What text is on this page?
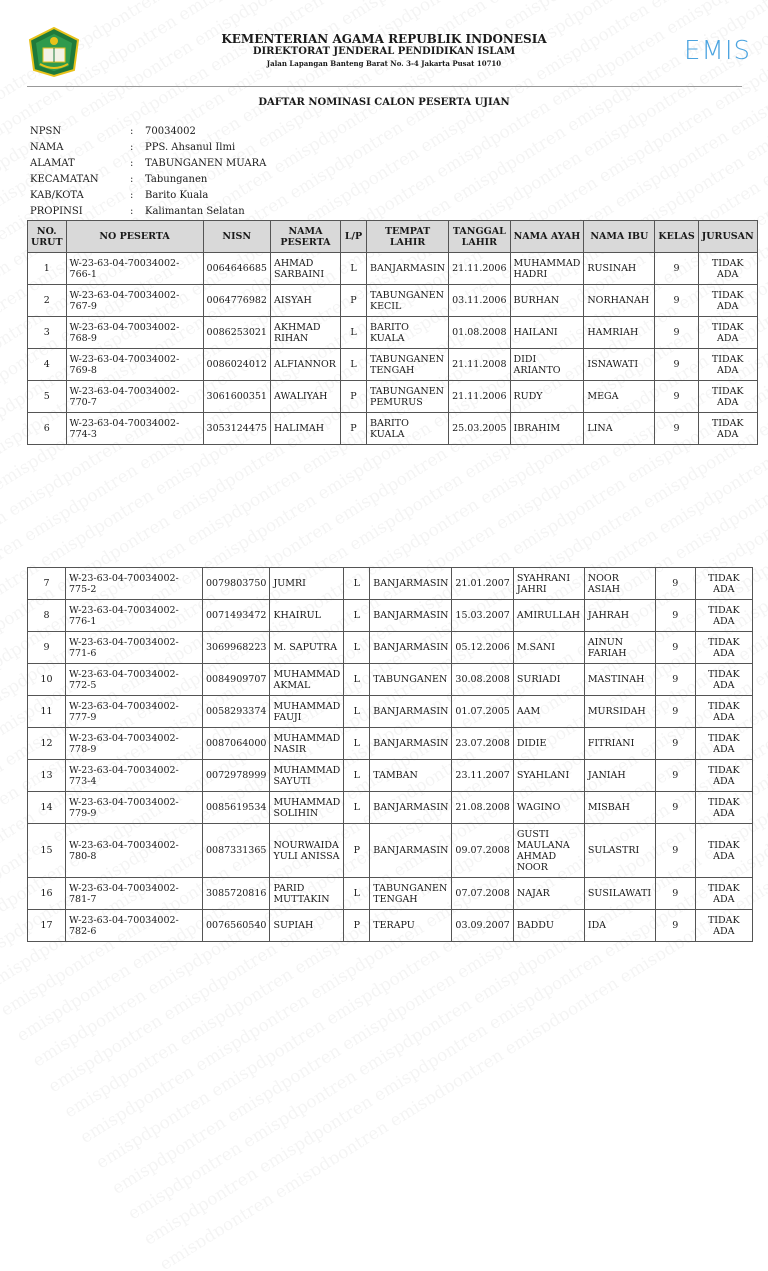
KEMENTERIAN AGAMA REPUBLIK INDONESIA
DIREKTORAT JENDERAL PENDIDIKAN ISLAM
Jalan Lapangan Banteng Barat No. 3-4 Jakarta Pusat 10710	EMIS
DAFTAR NOMINASI CALON PESERTA UJIAN
NPSN	:	70034002
NAMA	:	PPS. Ahsanul Ilmi
ALAMAT	:	TABUNGANEN MUARA
KECAMATAN	:	Tabunganen
KAB/KOTA	:	Barito Kuala
PROPINSI	:	Kalimantan Selatan
NO. URUT	NO PESERTA	NISN	NAMA PESERTA	L/P	TEMPAT LAHIR	TANGGAL LAHIR	NAMA AYAH	NAMA IBU	KELAS	JURUSAN
1	W-23-63-04-70034002-766-1	0064646685	AHMAD SARBAINI	L	BANJARMASIN	21.11.2006	MUHAMMAD HADRI	RUSINAH	9	TIDAK ADA
2	W-23-63-04-70034002-767-9	0064776982	AISYAH	P	TABUNGANEN KECIL	03.11.2006	BURHAN	NORHANAH	9	TIDAK ADA
3	W-23-63-04-70034002-768-9	0086253021	AKHMAD RIHAN	L	BARITO KUALA	01.08.2008	HAILANI	HAMRIAH	9	TIDAK ADA
4	W-23-63-04-70034002-769-8	0086024012	ALFIANNOR	L	TABUNGANEN TENGAH	21.11.2008	DIDI ARIANTO	ISNAWATI	9	TIDAK ADA
5	W-23-63-04-70034002-770-7	3061600351	AWALIYAH	P	TABUNGANEN PEMURUS	21.11.2006	RUDY	MEGA	9	TIDAK ADA
6	W-23-63-04-70034002-774-3	3053124475	HALIMAH	P	BARITO KUALA	25.03.2005	IBRAHIM	LINA	9	TIDAK ADA
7	W-23-63-04-70034002-775-2	0079803750	JUMRI	L	BANJARMASIN	21.01.2007	SYAHRANI JAHRI	NOOR ASIAH	9	TIDAK ADA
8	W-23-63-04-70034002-776-1	0071493472	KHAIRUL	L	BANJARMASIN	15.03.2007	AMIRULLAH	JAHRAH	9	TIDAK ADA
9	W-23-63-04-70034002-771-6	3069968223	M. SAPUTRA	L	BANJARMASIN	05.12.2006	M.SANI	AINUN FARIAH	9	TIDAK ADA
10	W-23-63-04-70034002-772-5	0084909707	MUHAMMAD AKMAL	L	TABUNGANEN	30.08.2008	SURIADI	MASTINAH	9	TIDAK ADA
11	W-23-63-04-70034002-777-9	0058293374	MUHAMMAD FAUJI	L	BANJARMASIN	01.07.2005	AAM	MURSIDAH	9	TIDAK ADA
12	W-23-63-04-70034002-778-9	0087064000	MUHAMMAD NASIR	L	BANJARMASIN	23.07.2008	DIDIE	FITRIANI	9	TIDAK ADA
13	W-23-63-04-70034002-773-4	0072978999	MUHAMMAD SAYUTI	L	TAMBAN	23.11.2007	SYAHLANI	JANIAH	9	TIDAK ADA
14	W-23-63-04-70034002-779-9	0085619534	MUHAMMAD SOLIHIN	L	BANJARMASIN	21.08.2008	WAGINO	MISBAH	9	TIDAK ADA
15	W-23-63-04-70034002-780-8	0087331365	NOURWAIDA YULI ANISSA	P	BANJARMASIN	09.07.2008	GUSTI MAULANA AHMAD NOOR	SULASTRI	9	TIDAK ADA
16	W-23-63-04-70034002-781-7	3085720816	PARID MUTTAKIN	L	TABUNGANEN TENGAH	07.07.2008	NAJAR	SUSILAWATI	9	TIDAK ADA
17	W-23-63-04-70034002-782-6	0076560540	SUPIAH	P	TERAPU	03.09.2007	BADDU	IDA	9	TIDAK ADA
